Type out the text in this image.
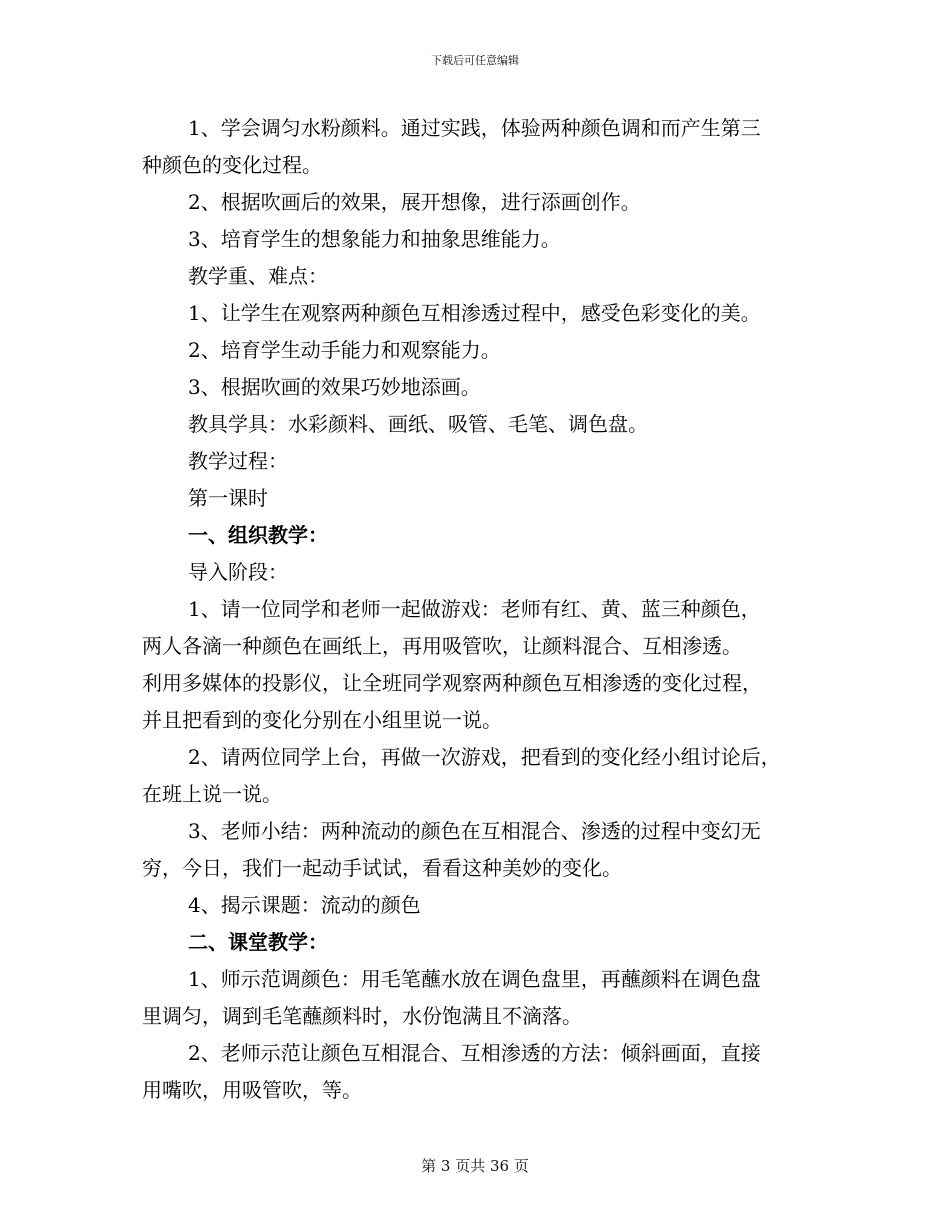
下载后可任意编辑
1、学会调匀水粉颜料。通过实践，体验两种颜色调和而产生第三
种颜色的变化过程。
2、根据吹画后的效果，展开想像，进行添画创作。
3、培育学生的想象能力和抽象思维能力。
教学重、难点：
1、让学生在观察两种颜色互相渗透过程中，感受色彩变化的美。
2、培育学生动手能力和观察能力。
3、根据吹画的效果巧妙地添画。
教具学具：水彩颜料、画纸、吸管、毛笔、调色盘。
教学过程：
第一课时
一、组织教学：
导入阶段：
1、请一位同学和老师一起做游戏：老师有红、黄、蓝三种颜色，
两人各滴一种颜色在画纸上，再用吸管吹，让颜料混合、互相渗透。
利用多媒体的投影仪，让全班同学观察两种颜色互相渗透的变化过程，
并且把看到的变化分别在小组里说一说。
2、请两位同学上台，再做一次游戏，把看到的变化经小组讨论后，
在班上说一说。
3、老师小结：两种流动的颜色在互相混合、渗透的过程中变幻无
穷，今日，我们一起动手试试，看看这种美妙的变化。
4、揭示课题：流动的颜色
二、课堂教学：
1、师示范调颜色：用毛笔蘸水放在调色盘里，再蘸颜料在调色盘
里调匀，调到毛笔蘸颜料时，水份饱满且不滴落。
2、老师示范让颜色互相混合、互相渗透的方法：倾斜画面，直接
用嘴吹，用吸管吹，等。
第 3 页共 36 页
